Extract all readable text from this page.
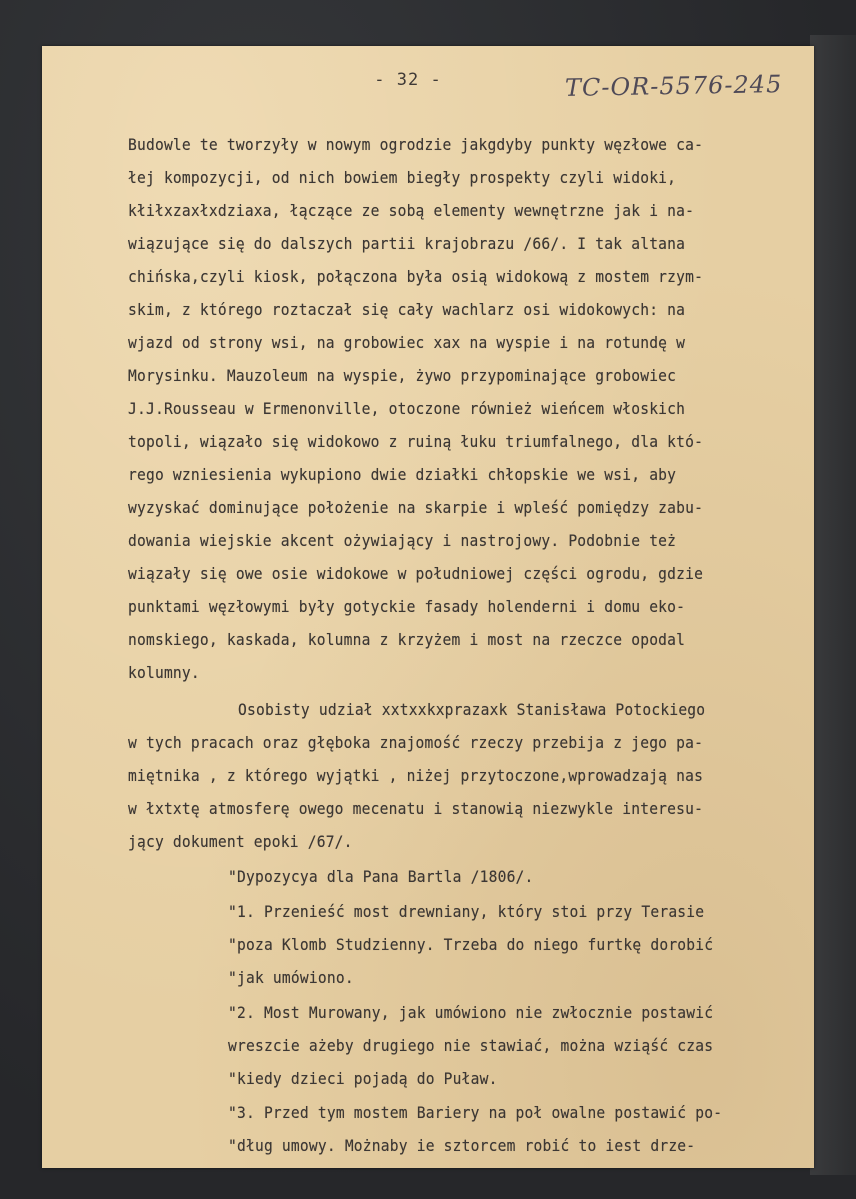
- 32 -	TC-OR-5576-245
Budowle te tworzyły w nowym ogrodzie jakgdyby punkty węzłowe ca-
łej kompozycji, od nich bowiem biegły prospekty czyli widoki,
kłiłxzaxłxdziaxa, łączące ze sobą elementy wewnętrzne jak i na-
wiązujące się do dalszych partii krajobrazu /66/. I tak altana
chińska,czyli kiosk, połączona była osią widokową z mostem rzym-
skim, z którego roztaczał się cały wachlarz osi widokowych: na
wjazd od strony wsi, na grobowiec xax na wyspie i na rotundę w
Morysinku. Mauzoleum na wyspie, żywo przypominające grobowiec
J.J.Rousseau w Ermenonville, otoczone również wieńcem włoskich
topoli, wiązało się widokowo z ruiną łuku triumfalnego, dla któ-
rego wzniesienia wykupiono dwie działki chłopskie we wsi, aby
wyzyskać dominujące położenie na skarpie i wpleść pomiędzy zabu-
dowania wiejskie akcent ożywiający i nastrojowy. Podobnie też
wiązały się owe osie widokowe w południowej części ogrodu, gdzie
punktami węzłowymi były gotyckie fasady holenderni i domu eko-
nomskiego, kaskada, kolumna z krzyżem i most na rzeczce opodal
kolumny.
Osobisty udział xxtxxkxprazaxk Stanisława Potockiego
w tych pracach oraz głęboka znajomość rzeczy przebija z jego pa-
miętnika , z którego wyjątki , niżej przytoczone,wprowadzają nas
w łxtxtę atmosferę owego mecenatu i stanowią niezwykle interesu-
jący dokument epoki /67/.
"Dypozycya dla Pana Bartla /1806/.
"1. Przenieść most drewniany, który stoi przy Terasie
"poza Klomb Studzienny. Trzeba do niego furtkę dorobić
"jak umówiono.
"2. Most Murowany, jak umówiono nie zwłocznie postawić
wreszcie ażeby drugiego nie stawiać, można wziąść czas
"kiedy dzieci pojadą do Puław.
"3. Przed tym mostem Bariery na poł owalne postawić po-
"dług umowy. Możnaby ie sztorcem robić to iest drze-
